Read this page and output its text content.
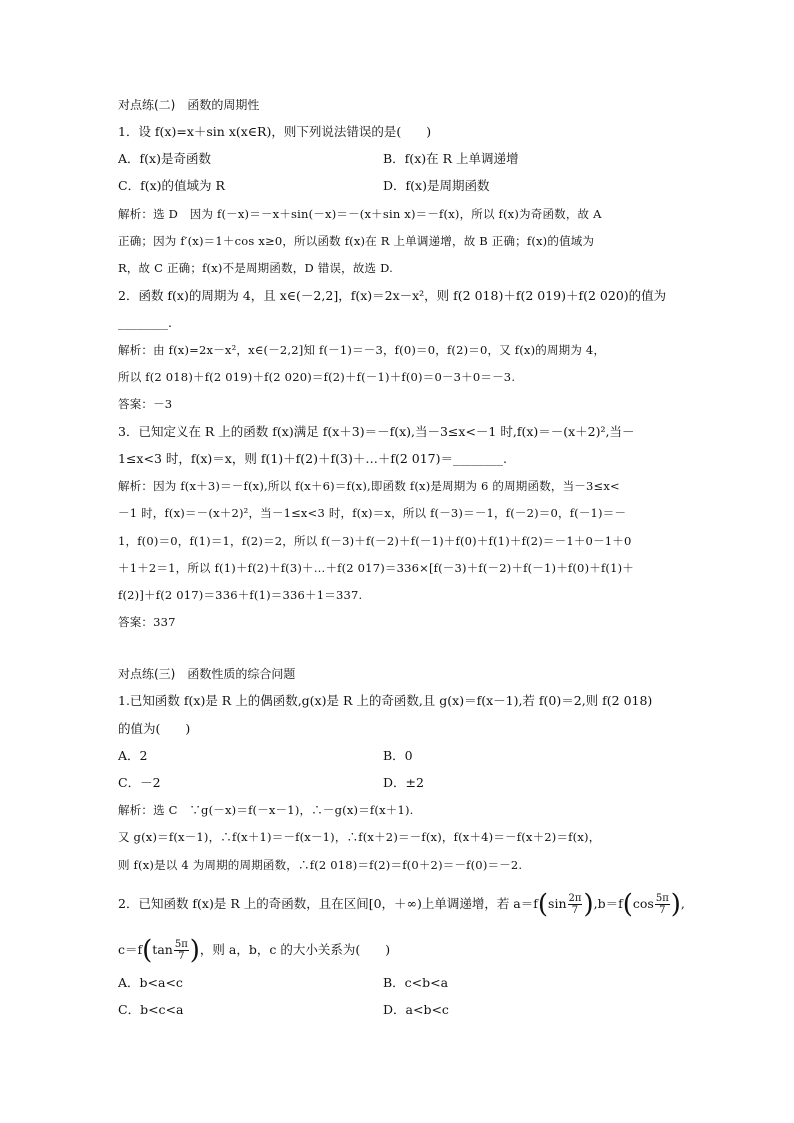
对点练(二)　函数的周期性
1．设 f(x)=x＋sin x(x∈R)，则下列说法错误的是(　　)
A．f(x)是奇函数	B．f(x)在 R 上单调递增
C．f(x)的值域为 R	D．f(x)是周期函数
解析：选 D　因为 f(－x)＝－x＋sin(－x)＝－(x＋sin x)＝－f(x)，所以 f(x)为奇函数，故 A
正确；因为 f′(x)＝1＋cos x≥0，所以函数 f(x)在 R 上单调递增，故 B 正确；f(x)的值域为
R，故 C 正确；f(x)不是周期函数，D 错误，故选 D.
2．函数 f(x)的周期为 4，且 x∈(－2,2]，f(x)＝2x－x²，则 f(2 018)＋f(2 019)＋f(2 020)的值为
________.
解析：由 f(x)=2x－x²，x∈(－2,2]知 f(－1)＝－3，f(0)＝0，f(2)＝0，又 f(x)的周期为 4，
所以 f(2 018)＋f(2 019)＋f(2 020)＝f(2)＋f(－1)＋f(0)＝0－3＋0＝－3.
答案：－3
3．已知定义在 R 上的函数 f(x)满足 f(x＋3)＝－f(x),当－3≤x<－1 时,f(x)＝－(x＋2)²,当－
1≤x<3 时，f(x)＝x，则 f(1)＋f(2)＋f(3)＋…＋f(2 017)＝________.
解析：因为 f(x＋3)＝－f(x),所以 f(x＋6)＝f(x),即函数 f(x)是周期为 6 的周期函数，当－3≤x<
－1 时，f(x)＝－(x＋2)²，当－1≤x<3 时，f(x)＝x，所以 f(－3)＝－1，f(－2)＝0，f(－1)＝－
1，f(0)＝0，f(1)＝1，f(2)＝2，所以 f(－3)＋f(－2)＋f(－1)＋f(0)＋f(1)＋f(2)＝－1＋0－1＋0
＋1＋2＝1，所以 f(1)＋f(2)＋f(3)＋…＋f(2 017)＝336×[f(－3)＋f(－2)＋f(－1)＋f(0)＋f(1)＋
f(2)]＋f(2 017)＝336＋f(1)＝336＋1＝337.
答案：337
对点练(三)　函数性质的综合问题
1.已知函数 f(x)是 R 上的偶函数,g(x)是 R 上的奇函数,且 g(x)＝f(x－1),若 f(0)＝2,则 f(2 018)
的值为(　　)
A．2	B．0
C．－2	D．±2
解析：选 C　∵g(－x)＝f(－x－1)，∴－g(x)＝f(x＋1).
又 g(x)＝f(x－1)，∴f(x＋1)＝－f(x－1)，∴f(x＋2)＝－f(x)，f(x＋4)＝－f(x＋2)＝f(x)，
则 f(x)是以 4 为周期的周期函数，∴f(2 018)＝f(2)＝f(0＋2)＝－f(0)＝－2.
2．已知函数 f(x)是 R 上的奇函数，且在区间[0，＋∞)上单调递增，若 $a=f(\sin \frac{2\pi}{7} ),b=f(\cos \frac{5\pi}{7}$ ),
$c=f(\tan \frac{5\pi}{7}$ )，则 a，b，c 的大小关系为(　　)
A．b<a<c	B．c<b<a
C．b<c<a	D．a<b<c
